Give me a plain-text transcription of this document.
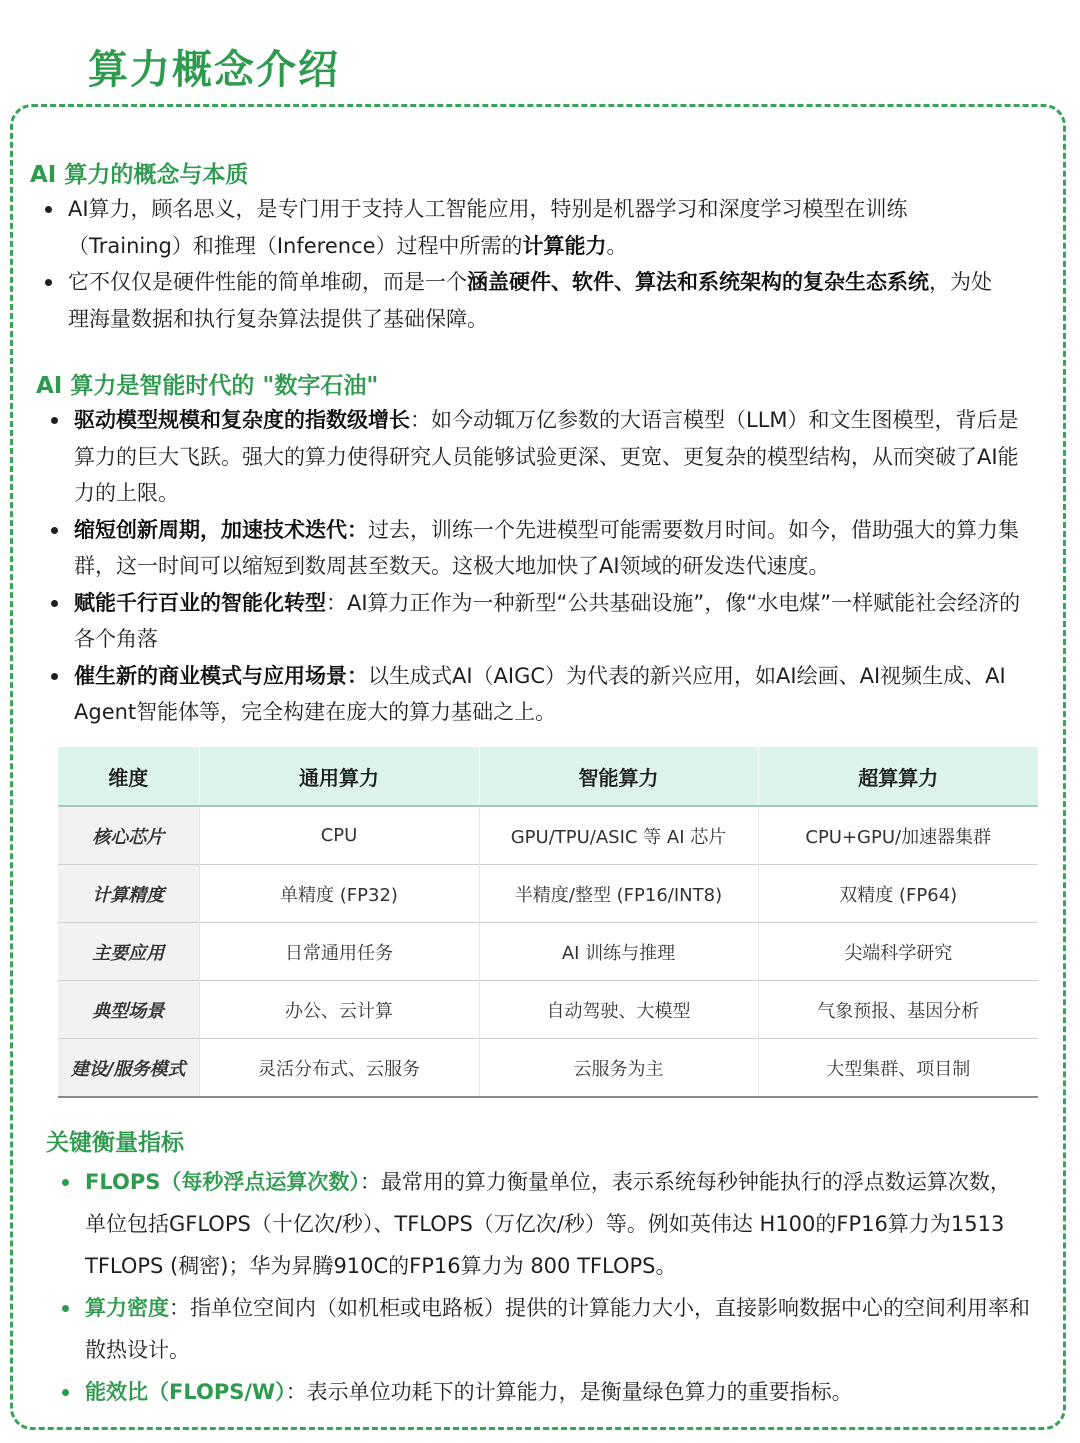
算力概念介绍
AI 算力的概念与本质
AI算力，顾名思义，是专门用于支持人工智能应用，特别是机器学习和深度学习模型在训练（Training）和推理（Inference）过程中所需的计算能力。
它不仅仅是硬件性能的简单堆砌，而是一个涵盖硬件、软件、算法和系统架构的复杂生态系统，为处理海量数据和执行复杂算法提供了基础保障。
AI 算力是智能时代的 "数字石油"
驱动模型规模和复杂度的指数级增长：如今动辄万亿参数的大语言模型（LLM）和文生图模型，背后是算力的巨大飞跃。强大的算力使得研究人员能够试验更深、更宽、更复杂的模型结构，从而突破了AI能力的上限。
缩短创新周期，加速技术迭代：过去，训练一个先进模型可能需要数月时间。如今，借助强大的算力集群，这一时间可以缩短到数周甚至数天。这极大地加快了AI领域的研发迭代速度。
赋能千行百业的智能化转型：AI算力正作为一种新型“公共基础设施”，像“水电煤”一样赋能社会经济的各个角落
催生新的商业模式与应用场景：以生成式AI（AIGC）为代表的新兴应用，如AI绘画、AI视频生成、AI Agent智能体等，完全构建在庞大的算力基础之上。
维度	通用算力	智能算力	超算算力
核心芯片	CPU	GPU/TPU/ASIC 等 AI 芯片	CPU+GPU/加速器集群
计算精度	单精度 (FP32)	半精度/整型 (FP16/INT8)	双精度 (FP64)
主要应用	日常通用任务	AI 训练与推理	尖端科学研究
典型场景	办公、云计算	自动驾驶、大模型	气象预报、基因分析
建设/服务模式	灵活分布式、云服务	云服务为主	大型集群、项目制
关键衡量指标
FLOPS（每秒浮点运算次数）：最常用的算力衡量单位，表示系统每秒钟能执行的浮点数运算次数，单位包括GFLOPS（十亿次/秒）、TFLOPS（万亿次/秒）等。例如英伟达 H100的FP16算力为1513 TFLOPS (稠密)；华为昇腾910C的FP16算力为 800 TFLOPS。
算力密度：指单位空间内（如机柜或电路板）提供的计算能力大小，直接影响数据中心的空间利用率和散热设计。
能效比（FLOPS/W）：表示单位功耗下的计算能力，是衡量绿色算力的重要指标。
